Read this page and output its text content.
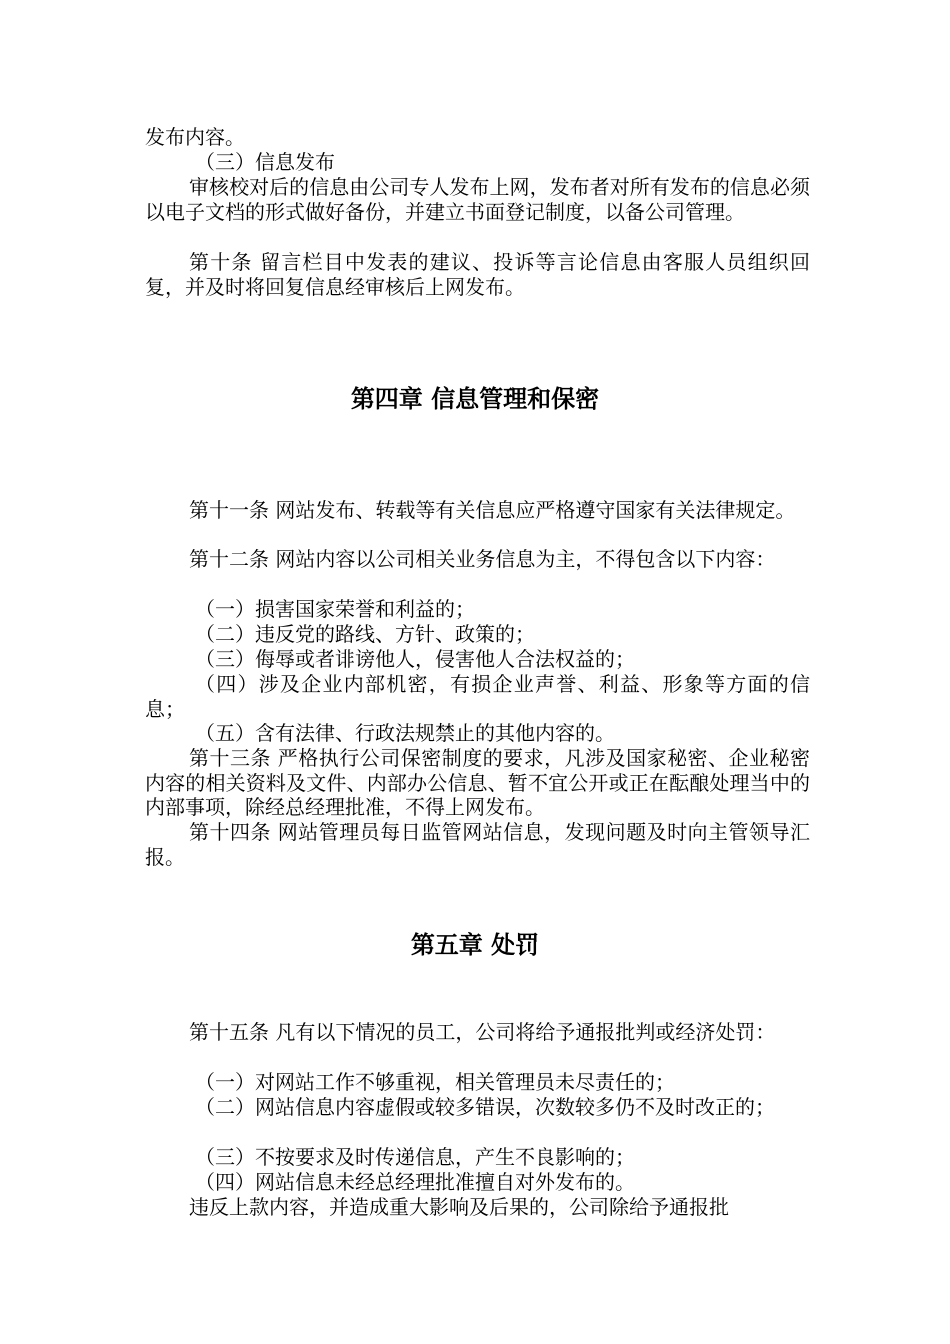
发布内容。

（三）信息发布

审核校对后的信息由公司专人发布上网，发布者对所有发布的信息必须以电子文档的形式做好备份，并建立书面登记制度，以备公司管理。

第十条 留言栏目中发表的建议、投诉等言论信息由客服人员组织回复，并及时将回复信息经审核后上网发布。

第四章 信息管理和保密

第十一条 网站发布、转载等有关信息应严格遵守国家有关法律规定。

第十二条 网站内容以公司相关业务信息为主，不得包含以下内容：

（一）损害国家荣誉和利益的；

（二）违反党的路线、方针、政策的；

（三）侮辱或者诽谤他人，侵害他人合法权益的；

（四）涉及企业内部机密，有损企业声誉、利益、形象等方面的信息；

（五）含有法律、行政法规禁止的其他内容的。

第十三条 严格执行公司保密制度的要求，凡涉及国家秘密、企业秘密内容的相关资料及文件、内部办公信息、暂不宜公开或正在酝酿处理当中的内部事项，除经总经理批准，不得上网发布。

第十四条 网站管理员每日监管网站信息，发现问题及时向主管领导汇报。

第五章 处罚

第十五条 凡有以下情况的员工，公司将给予通报批判或经济处罚：

（一）对网站工作不够重视，相关管理员未尽责任的；

（二）网站信息内容虚假或较多错误，次数较多仍不及时改正的；

（三）不按要求及时传递信息，产生不良影响的；

（四）网站信息未经总经理批准擅自对外发布的。

违反上款内容，并造成重大影响及后果的，公司除给予通报批
